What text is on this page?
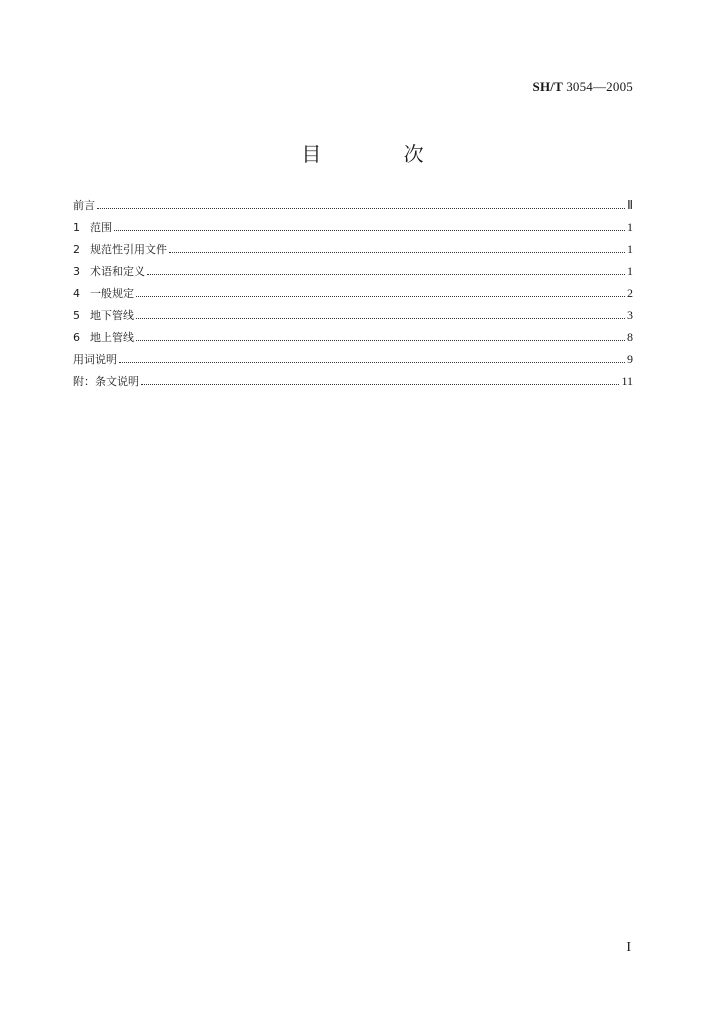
SH/T 3054—2005
目 次
前言	Ⅱ
1 范围	1
2 规范性引用文件	1
3 术语和定义	1
4 一般规定	2
5 地下管线	3
6 地上管线	8
用词说明	9
附：条文说明	11
I
